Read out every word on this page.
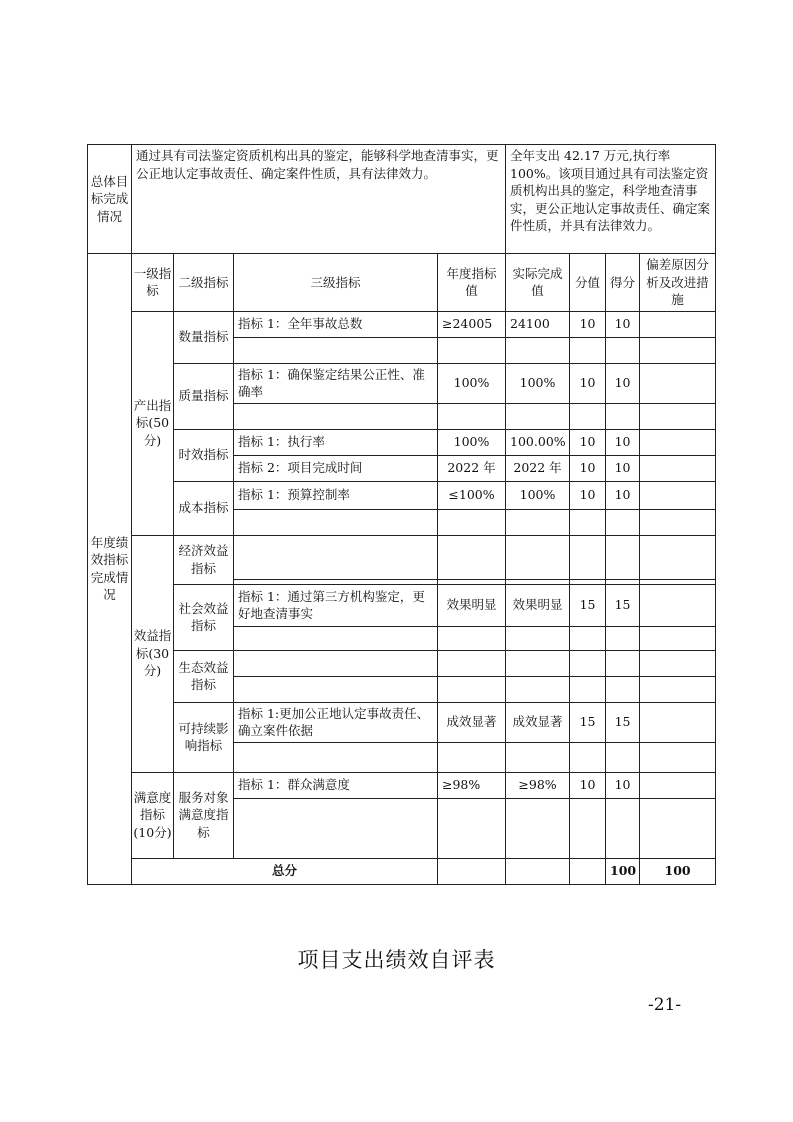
总体目标完成情况	通过具有司法鉴定资质机构出具的鉴定，能够科学地查清事实，更公正地认定事故责任、确定案件性质，具有法律效力。				全年支出 42.17 万元,执行率 100%。该项目通过具有司法鉴定资质机构出具的鉴定，科学地查清事实，更公正地认定事故责任、确定案件性质，并具有法律效力。				
年度绩效指标完成情况	一级指标	二级指标	三级指标	年度指标值	实际完成值	分值	得分	偏差原因分析及改进措施	
	产出指标(50分)	数量指标	指标 1：全年事故总数	≥24005	24100	10	10		

		质量指标	指标 1：确保鉴定结果公正性、准确率	100%	100%	10	10		

		时效指标	指标 1：执行率	100%	100.00%	10	10		
			指标 2：项目完成时间	2022 年	2022 年	10	10		
		成本指标	指标 1：预算控制率	≤100%	100%	10	10		

	效益指标(30分)	经济效益指标							

		社会效益指标	指标 1：通过第三方机构鉴定，更好地查清事实	效果明显	效果明显	15	15		

		生态效益指标							

		可持续影响指标	指标 1:更加公正地认定事故责任、确立案件依据	成效显著	成效显著	15	15		

	满意度指标(10分)	服务对象满意度指标	指标 1：群众满意度	≥98%	≥98%	10	10		

	总分						100	100	
项目支出绩效自评表
-21-
